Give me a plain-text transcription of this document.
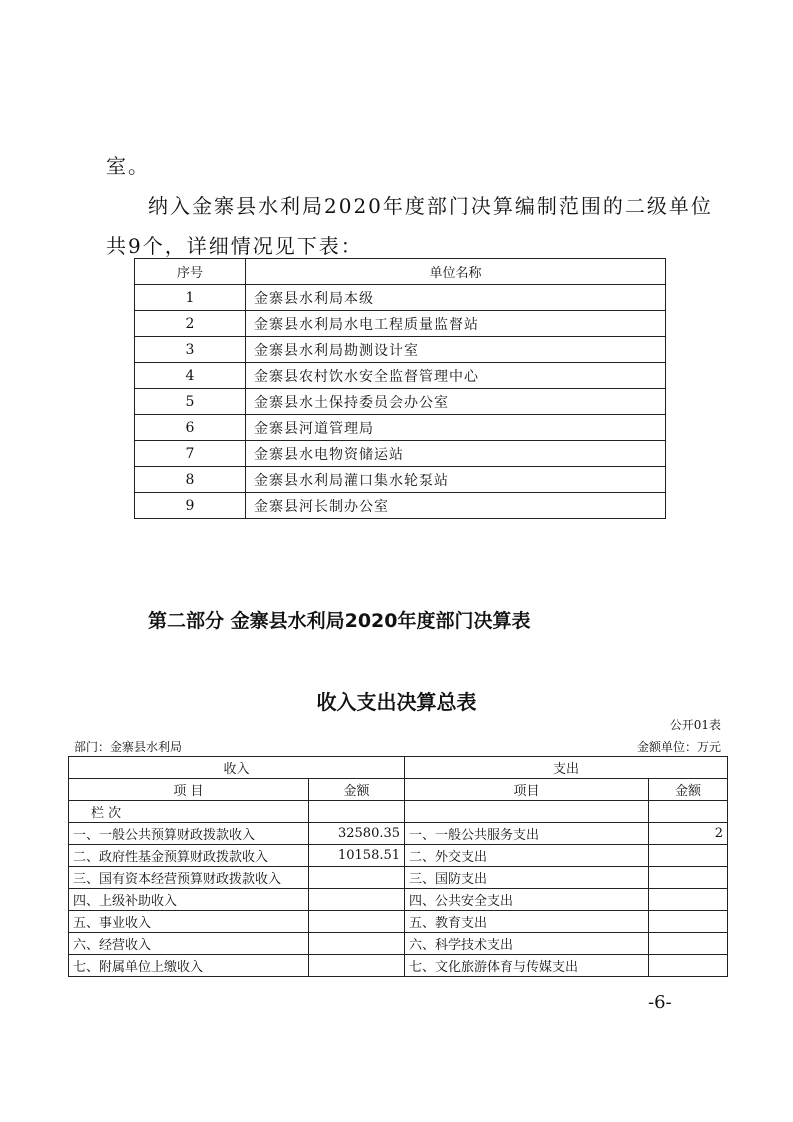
室。
纳入金寨县水利局2020年度部门决算编制范围的二级单位
共9个，详细情况见下表：
序号	单位名称
1	金寨县水利局本级
2	金寨县水利局水电工程质量监督站
3	金寨县水利局勘测设计室
4	金寨县农村饮水安全监督管理中心
5	金寨县水土保持委员会办公室
6	金寨县河道管理局
7	金寨县水电物资储运站
8	金寨县水利局灌口集水轮泵站
9	金寨县河长制办公室
第二部分 金寨县水利局2020年度部门决算表
收入支出决算总表
公开01表
部门：金寨县水利局	金额单位：万元
收入		支出	
项 目	金额	项目	金额
栏 次			
一、一般公共预算财政拨款收入	32580.35	一、一般公共服务支出	2
二、政府性基金预算财政拨款收入	10158.51	二、外交支出	
三、国有资本经营预算财政拨款收入		三、国防支出	
四、上级补助收入		四、公共安全支出	
五、事业收入		五、教育支出	
六、经营收入		六、科学技术支出	
七、附属单位上缴收入		七、文化旅游体育与传媒支出	
-6-
